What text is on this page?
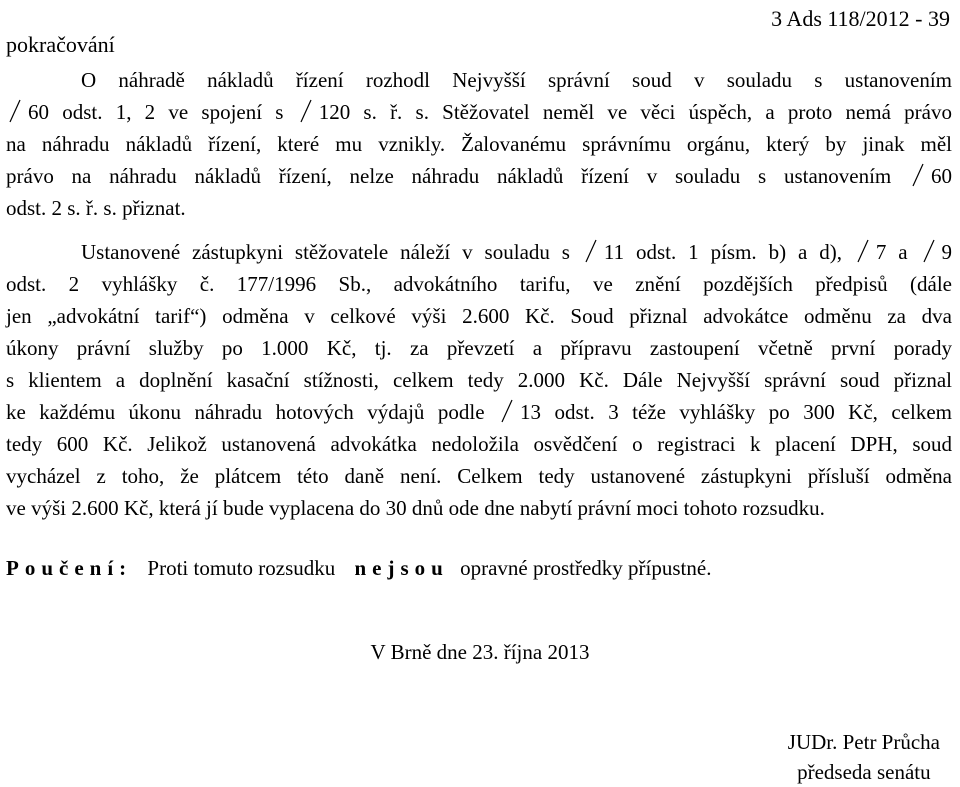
3 Ads 118/2012 - 39
pokračování
O náhradě nákladů řízení rozhodl Nejvyšší správní soud v souladu s ustanovením
60 odst. 1, 2 ve spojení s
120 s. ř. s. Stěžovatel neměl ve věci úspěch, a proto nemá právo
na náhradu nákladů řízení, které mu vznikly. Žalovanému správnímu orgánu, který by jinak měl
právo na náhradu nákladů řízení, nelze náhradu nákladů řízení v souladu s ustanovením
60
odst. 2 s. ř. s. přiznat.
Ustanovené zástupkyni stěžovatele náleží v souladu s
11 odst. 1 písm. b) a d),
7 a
9
odst. 2 vyhlášky č. 177/1996 Sb., advokátního tarifu, ve znění pozdějších předpisů (dále
jen „advokátní tarif“) odměna v celkové výši 2.600 Kč. Soud přiznal advokátce odměnu za dva
úkony právní služby po 1.000 Kč, tj. za převzetí a přípravu zastoupení včetně první porady
s klientem a doplnění kasační stížnosti, celkem tedy 2.000 Kč. Dále Nejvyšší správní soud přiznal
ke každému úkonu náhradu hotových výdajů podle
13 odst. 3 téže vyhlášky po 300 Kč, celkem
tedy 600 Kč. Jelikož ustanovená advokátka nedoložila osvědčení o registraci k placení DPH, soud
vycházel z toho, že plátcem této daně není. Celkem tedy ustanovené zástupkyni přísluší odměna
ve výši 2.600 Kč, která jí bude vyplacena do 30 dnů ode dne nabytí právní moci tohoto rozsudku.
Poučení: Proti tomuto rozsudku nejsou opravné prostředky přípustné.
V Brně dne 23. října 2013
JUDr. Petr Průcha
předseda senátu
